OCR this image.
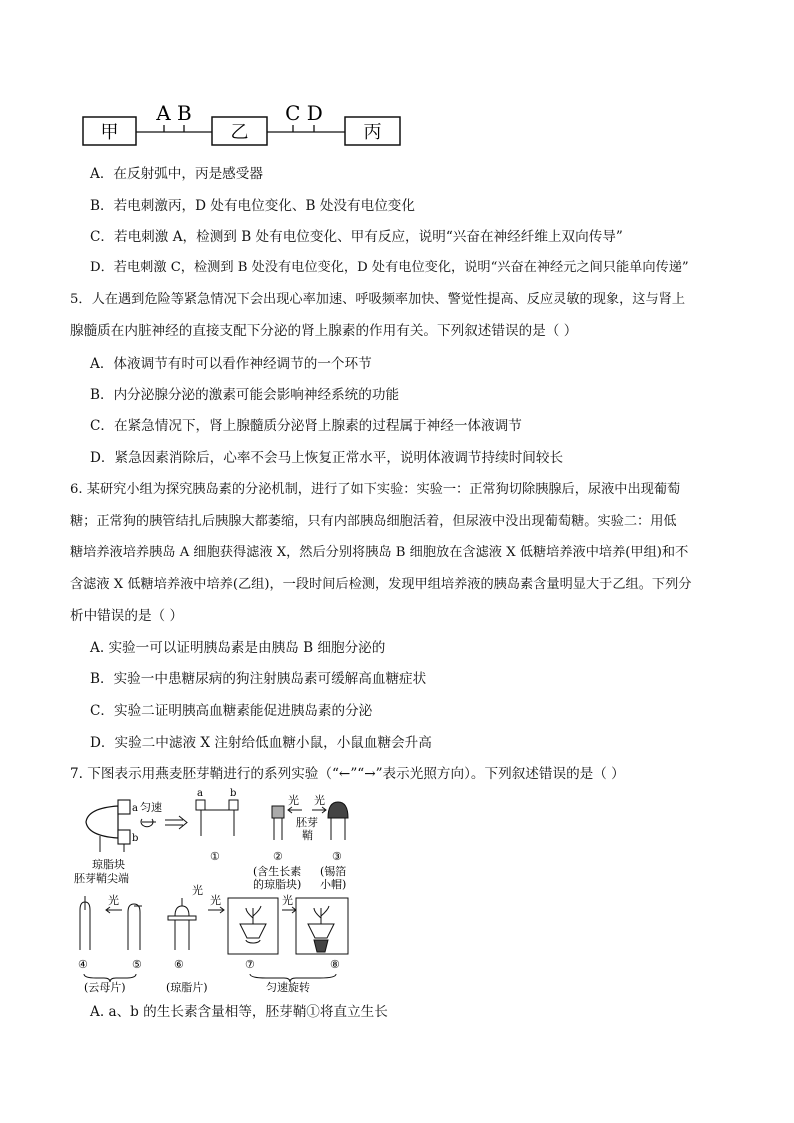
甲	乙	丙
A B	C D
A．在反射弧中，丙是感受器
B．若电刺激丙，D 处有电位变化、B 处没有电位变化
C．若电刺激 A，检测到 B 处有电位变化、甲有反应，说明“兴奋在神经纤维上双向传导”
D．若电刺激 C，检测到 B 处没有电位变化，D 处有电位变化，说明“兴奋在神经元之间只能单向传递”
5．人在遇到危险等紧急情况下会出现心率加速、呼吸频率加快、警觉性提高、反应灵敏的现象，这与肾上
腺髓质在内脏神经的直接支配下分泌的肾上腺素的作用有关。下列叙述错误的是（ ）
A．体液调节有时可以看作神经调节的一个环节
B．内分泌腺分泌的激素可能会影响神经系统的功能
C．在紧急情况下，肾上腺髓质分泌肾上腺素的过程属于神经一体液调节
D．紧急因素消除后，心率不会马上恢复正常水平，说明体液调节持续时间较长
6. 某研究小组为探究胰岛素的分泌机制，进行了如下实验：实验一：正常狗切除胰腺后，尿液中出现葡萄
糖；正常狗的胰管结扎后胰腺大都萎缩，只有内部胰岛细胞活着，但尿液中没出现葡萄糖。实验二：用低
糖培养液培养胰岛 A 细胞获得滤液 X，然后分别将胰岛 B 细胞放在含滤液 X 低糖培养液中培养(甲组)和不
含滤液 X 低糖培养液中培养(乙组)，一段时间后检测，发现甲组培养液的胰岛素含量明显大于乙组。下列分
析中错误的是（ ）
A. 实验一可以证明胰岛素是由胰岛 B 细胞分泌的
B．实验一中患糖尿病的狗注射胰岛素可缓解高血糖症状
C．实验二证明胰高血糖素能促进胰岛素的分泌
D．实验二中滤液 X 注射给低血糖小鼠，小鼠血糖会升高
7. 下图表示用燕麦胚芽鞘进行的系列实验（“←”“→”表示光照方向）。下列叙述错误的是（ ）
a 匀速
b
琼脂块
胚芽鞘尖端
a	b
①
光
胚芽
鞘
②
(含生长素
的琼脂块)
光
③
(锡箔
小帽)
④
光
⑤
(云母片)
光
⑥
(琼脂片)
光
⑦
光
⑧
匀速旋转
A. a、b 的生长素含量相等，胚芽鞘①将直立生长
